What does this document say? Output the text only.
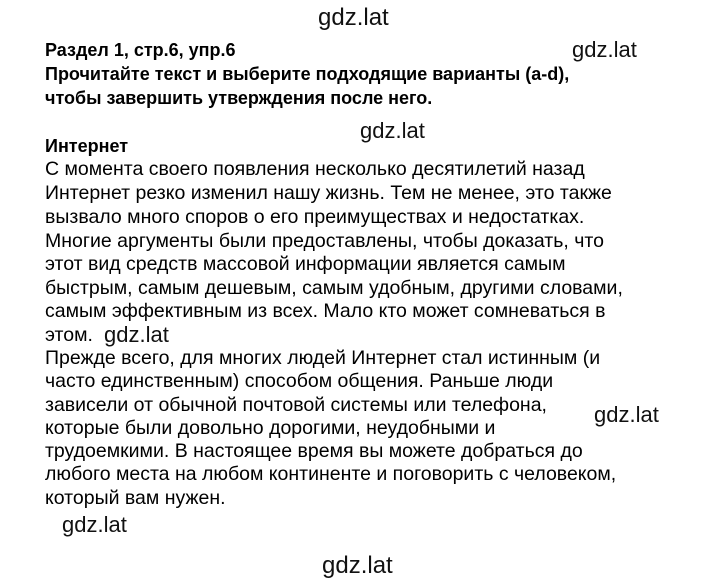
gdz.lat
gdz.lat
gdz.lat
gdz.lat
gdz.lat
gdz.lat
gdz.lat
Раздел 1, стр.6, упр.6
Прочитайте текст и выберите подходящие варианты (a-d),
чтобы завершить утверждения после него.
Интернет
С момента своего появления несколько десятилетий назад
Интернет резко изменил нашу жизнь. Тем не менее, это также
вызвало много споров о его преимуществах и недостатках.
Многие аргументы были предоставлены, чтобы доказать, что
этот вид средств массовой информации является самым
быстрым, самым дешевым, самым удобным, другими словами,
самым эффективным из всех. Мало кто может сомневаться в
этом.
Прежде всего, для многих людей Интернет стал истинным (и
часто единственным) способом общения. Раньше люди
зависели от обычной почтовой системы или телефона,
которые были довольно дорогими, неудобными и
трудоемкими. В настоящее время вы можете добраться до
любого места на любом континенте и поговорить с человеком,
который вам нужен.
